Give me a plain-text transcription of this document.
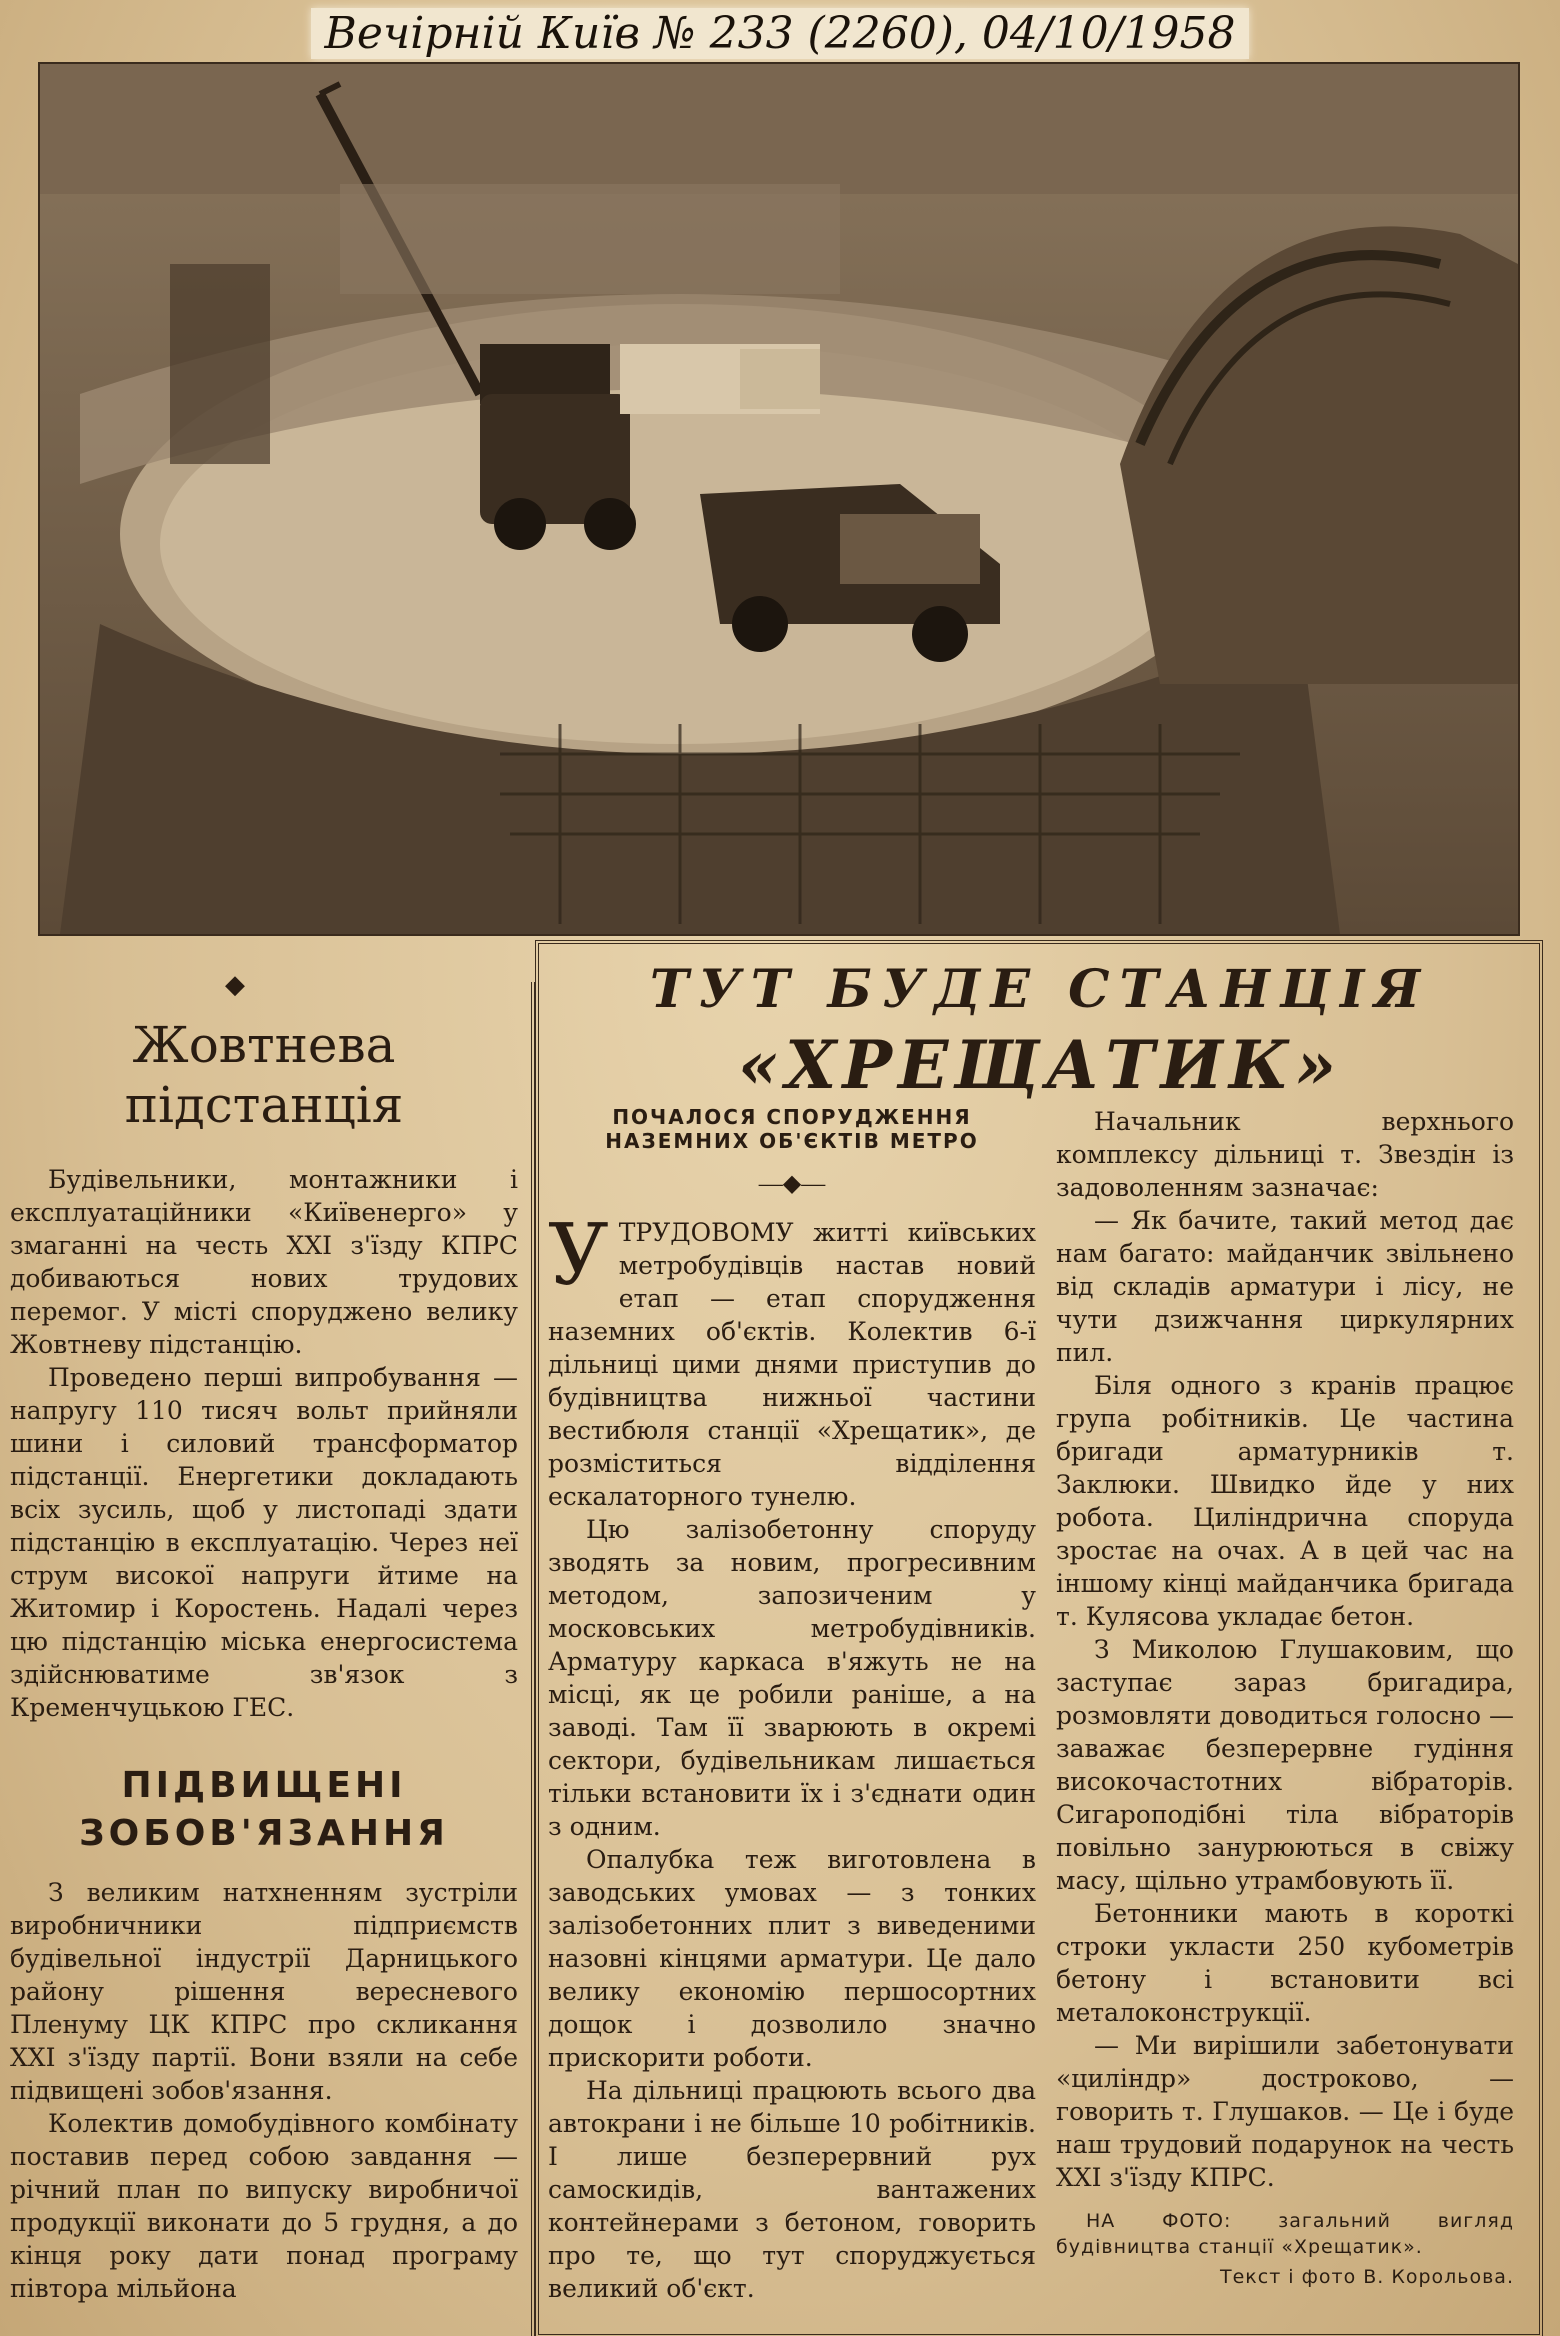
Вечірній Київ № 233 (2260), 04/10/1958
◆
Жовтнева
підстанція

Будівельники, монтажники і експлуатаційники «Київенерго» у змаганні на честь XXI з'їзду КПРС добиваються нових трудових перемог. У місті споруджено велику Жовтневу підстанцію.

Проведено перші випробування — напругу 110 тисяч вольт прийняли шини і силовий трансформатор підстанції. Енергетики докладають всіх зусиль, щоб у листопаді здати підстанцію в експлуатацію. Через неї струм високої напруги йтиме на Житомир і Коростень. Надалі через цю підстанцію міська енергосистема здійснюватиме зв'язок з Кременчуцькою ГЕС.

ПІДВИЩЕНІ
ЗОБОВ'ЯЗАННЯ

З великим натхненням зустріли виробничники підприємств будівельної індустрії Дарницького району рішення вересневого Пленуму ЦК КПРС про скликання XXI з'їзду партії. Вони взяли на себе підвищені зобов'язання.

Колектив домобудівного комбінату поставив перед собою завдання — річний план по випуску виробничої продукції виконати до 5 грудня, а до кінця року дати понад програму півтора мільйона

ТУТ БУДЕ СТАНЦІЯ
«ХРЕЩАТИК»
ПОЧАЛОСЯ СПОРУДЖЕННЯ НАЗЕМНИХ ОБ'ЄКТІВ МЕТРО
—◆—
У ТРУДОВОМУ житті київських метробудівців настав новий етап — етап спорудження наземних об'єктів. Колектив 6-ї дільниці цими днями приступив до будівництва нижньої частини вестибюля станції «Хрещатик», де розміститься відділення ескалаторного тунелю.

Цю залізобетонну споруду зводять за новим, прогресивним методом, запозиченим у московських метробудівників. Арматуру каркаса в'яжуть не на місці, як це робили раніше, а на заводі. Там її зварюють в окремі сектори, будівельникам лишається тільки встановити їх і з'єднати один з одним.

Опалубка теж виготовлена в заводських умовах — з тонких залізобетонних плит з виведеними назовні кінцями арматури. Це дало велику економію першосортних дощок і дозволило значно прискорити роботи.

На дільниці працюють всього два автокрани і не більше 10 робітників. І лише безперервний рух самоскидів, вантажених контейнерами з бетоном, говорить про те, що тут споруджується великий об'єкт.

Начальник верхнього комплексу дільниці т. Звездін із задоволенням зазначає:

— Як бачите, такий метод дає нам багато: майданчик звільнено від складів арматури і лісу, не чути дзижчання циркулярних пил.

Біля одного з кранів працює група робітників. Це частина бригади арматурників т. Заклюки. Швидко йде у них робота. Циліндрична споруда зростає на очах. А в цей час на іншому кінці майданчика бригада т. Кулясова укладає бетон.

З Миколою Глушаковим, що заступає зараз бригадира, розмовляти доводиться голосно — заважає безперервне гудіння високочастотних вібраторів. Сигароподібні тіла вібраторів повільно занурюються в свіжу масу, щільно утрамбовують її.

Бетонники мають в короткі строки укласти 250 кубометрів бетону і встановити всі металоконструкції.

— Ми вирішили забетонувати «циліндр» достроково, — говорить т. Глушаков. — Це і буде наш трудовий подарунок на честь XXI з'їзду КПРС.

НА ФОТО: загальний вигляд будівництва станції «Хрещатик».

Текст і фото В. Корольова.
